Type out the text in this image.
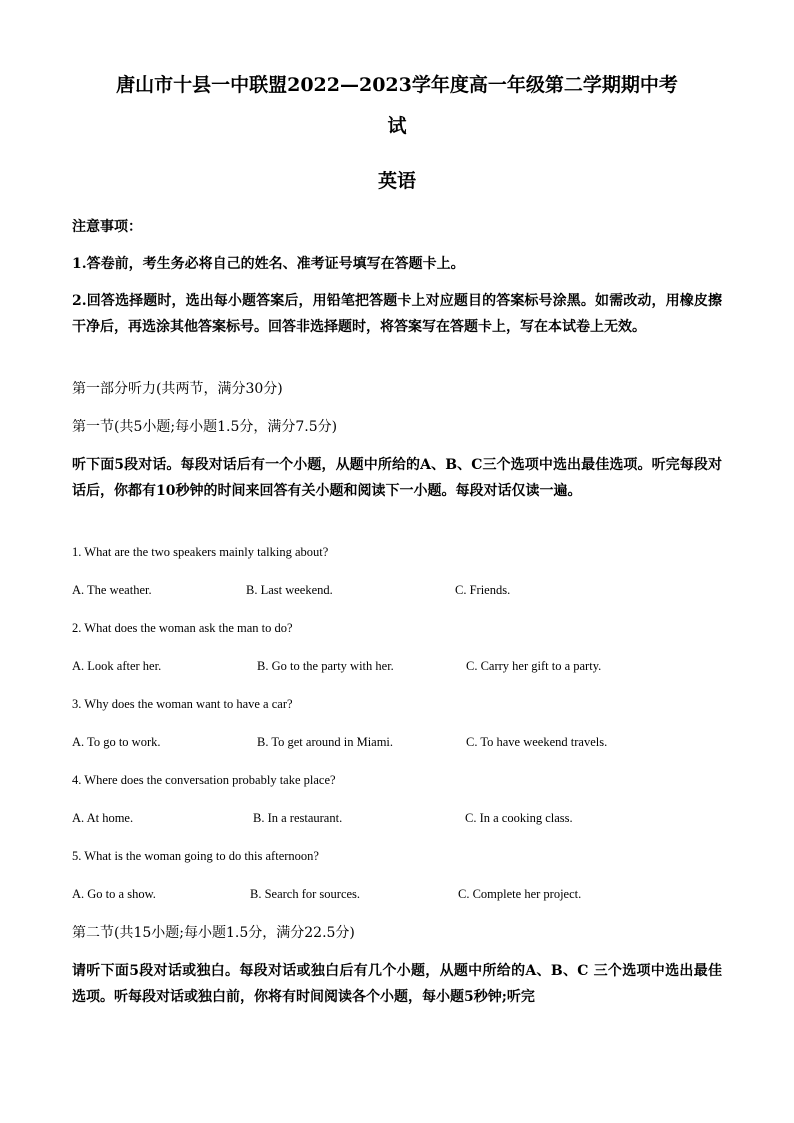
唐山市十县一中联盟2022—2023学年度高一年级第二学期期中考
试
英语
注意事项：
1.答卷前，考生务必将自己的姓名、准考证号填写在答题卡上。
2.回答选择题时，选出每小题答案后，用铅笔把答题卡上对应题目的答案标号涂黑。如需改动，用橡皮擦干净后，再选涂其他答案标号。回答非选择题时，将答案写在答题卡上，写在本试卷上无效。
第一部分听力(共两节，满分30分)
第一节(共5小题;每小题1.5分，满分7.5分)
听下面5段对话。每段对话后有一个小题，从题中所给的A、B、C三个选项中选出最佳选项。听完每段对话后，你都有10秒钟的时间来回答有关小题和阅读下一小题。每段对话仅读一遍。
1. What are the two speakers mainly talking about?
A. The weather.	B. Last weekend.	C. Friends.
2. What does the woman ask the man to do?
A. Look after her.	B. Go to the party with her.	C. Carry her gift to a party.
3. Why does the woman want to have a car?
A. To go to work.	B. To get around in Miami.	C. To have weekend travels.
4. Where does the conversation probably take place?
A. At home.	B. In a restaurant.	C. In a cooking class.
5. What is the woman going to do this afternoon?
A. Go to a show.	B. Search for sources.	C. Complete her project.
第二节(共15小题;每小题1.5分，满分22.5分)
请听下面5段对话或独白。每段对话或独白后有几个小题，从题中所给的A、B、C 三个选项中选出最佳选项。听每段对话或独白前，你将有时间阅读各个小题，每小题5秒钟;听完
